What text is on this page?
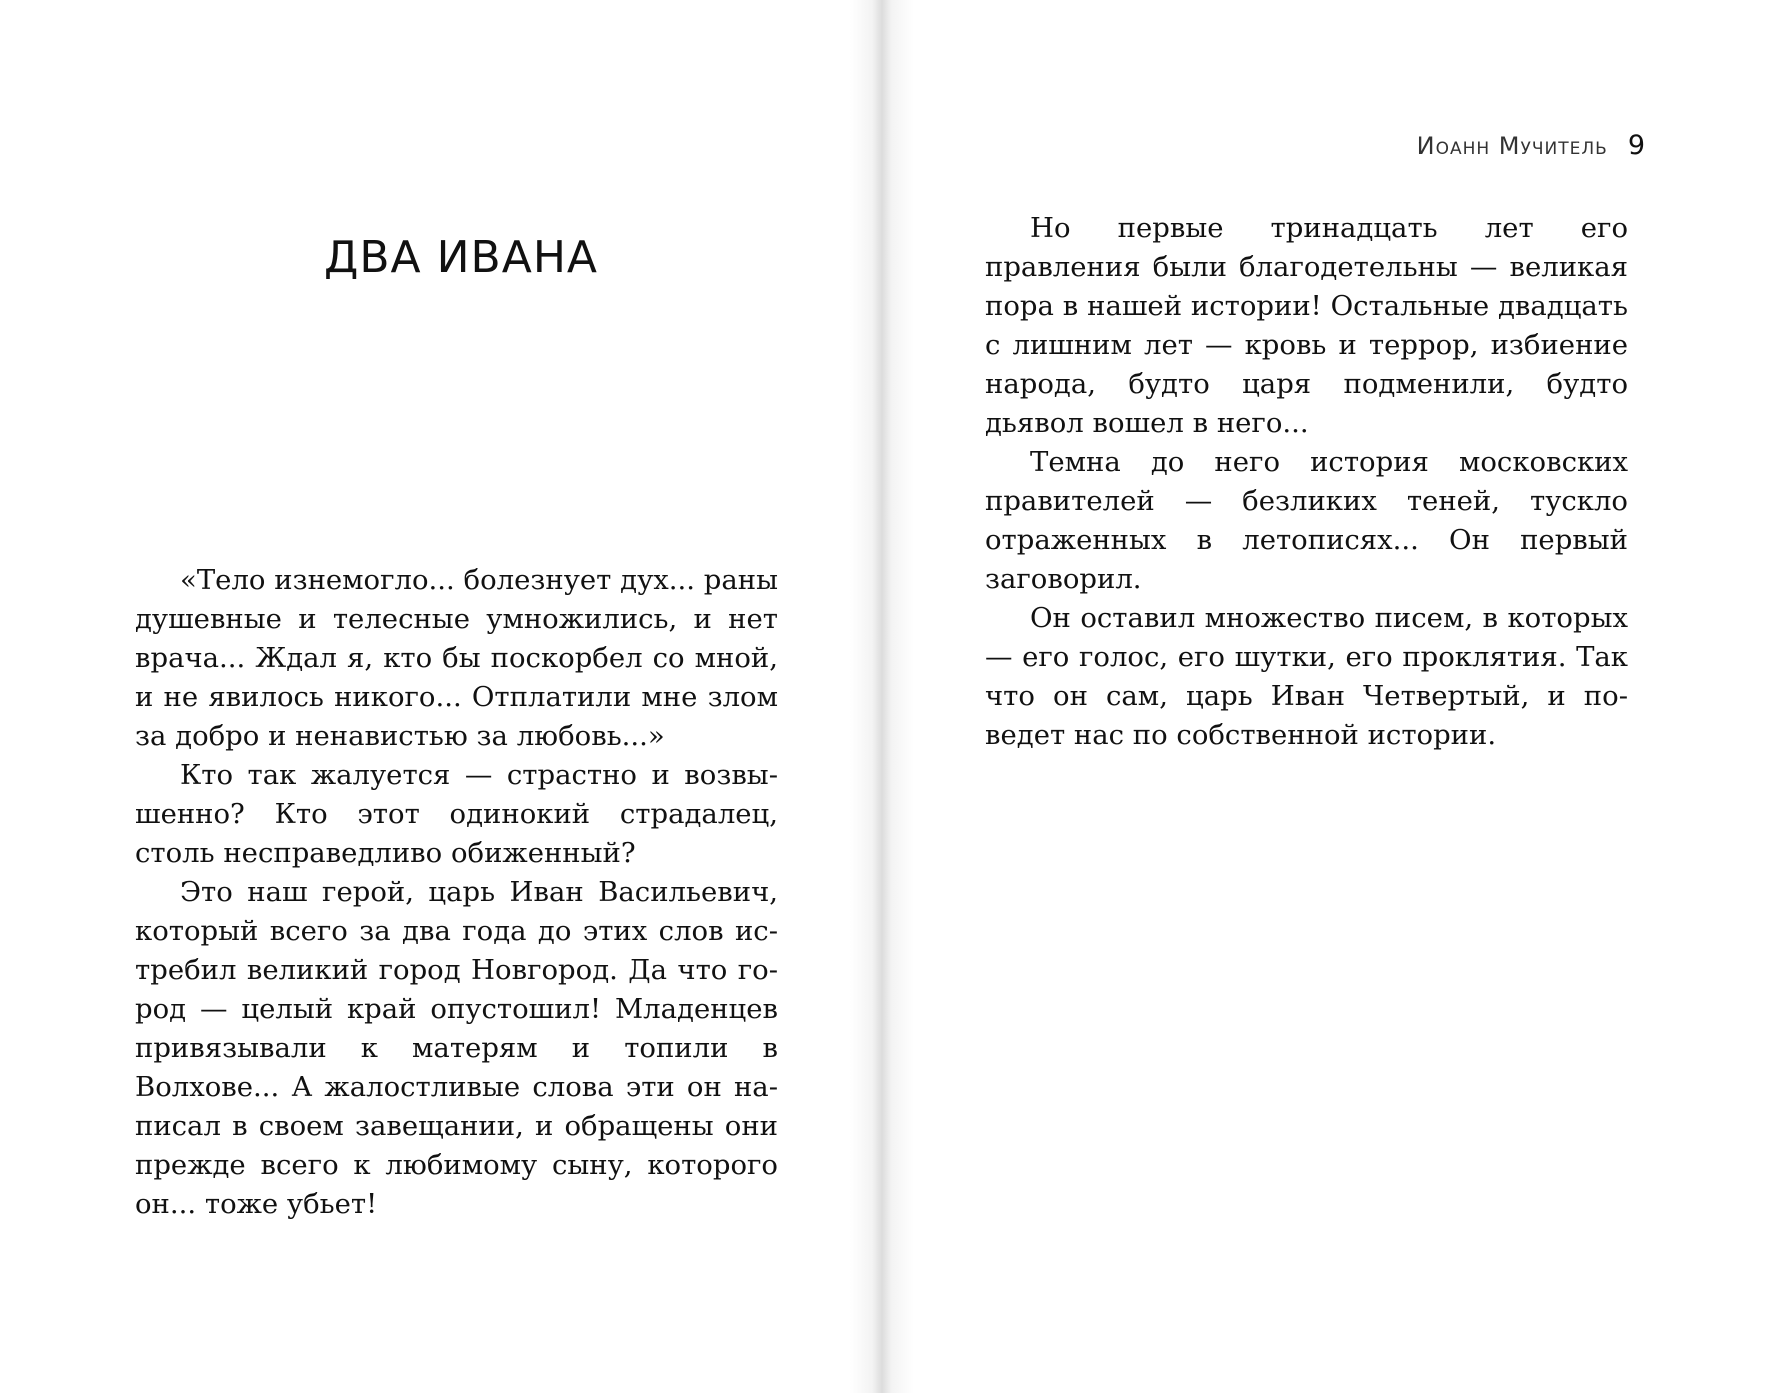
ДВА ИВАНА

«Тело изнемогло... болезнует дух... раны душевные и телесные умножились, и нет врача... Ждал я, кто бы поскорбел со мной, и не явилось никого... Отплатили мне злом за добро и ненавистью за любовь...»

Кто так жалуется — страстно и возвышенно? Кто этот одинокий страдалец, столь несправедливо обиженный?

Это наш герой, царь Иван Васильевич, который всего за два года до этих слов истребил великий город Новгород. Да что город — целый край опустошил! Младенцев привязывали к матерям и топили в Волхове... А жалостливые слова эти он написал в своем завещании, и обращены они прежде всего к любимому сыну, которого он... тоже убьет!

Иоанн Мучитель 9

Но первые тринадцать лет его правления были благодетельны — великая пора в нашей истории! Остальные двадцать с лишним лет — кровь и террор, избиение народа, будто царя подменили, будто дьявол вошел в него...

Темна до него история московских правителей — безликих теней, тускло отраженных в летописях... Он первый заговорил.

Он оставил множество писем, в которых — его голос, его шутки, его проклятия. Так что он сам, царь Иван Четвертый, и поведет нас по собственной истории.
